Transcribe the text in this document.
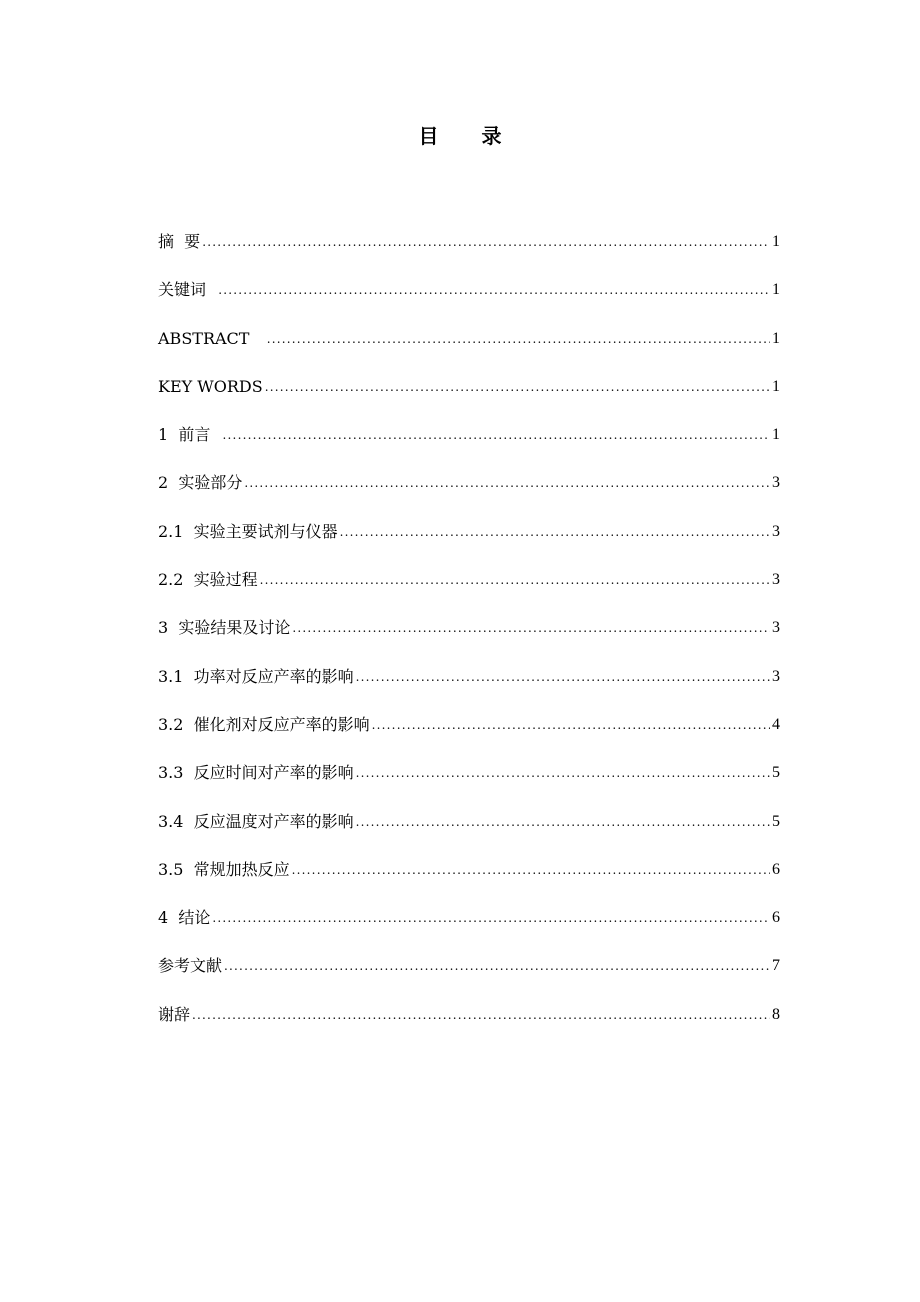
目 录
摘  要 .....	1
关键词 .....	1
ABSTRACT .....	1
KEY WORDS .....	1
1  前言 .....	1
2  实验部分 .....	3
2.1  实验主要试剂与仪器 .....	3
2.2  实验过程 .....	3
3  实验结果及讨论 .....	3
3.1  功率对反应产率的影响 .....	3
3.2  催化剂对反应产率的影响 .....	4
3.3  反应时间对产率的影响 .....	5
3.4  反应温度对产率的影响 .....	5
3.5  常规加热反应 .....	6
4  结论 .....	6
参考文献 .....	7
谢辞 .....	8
